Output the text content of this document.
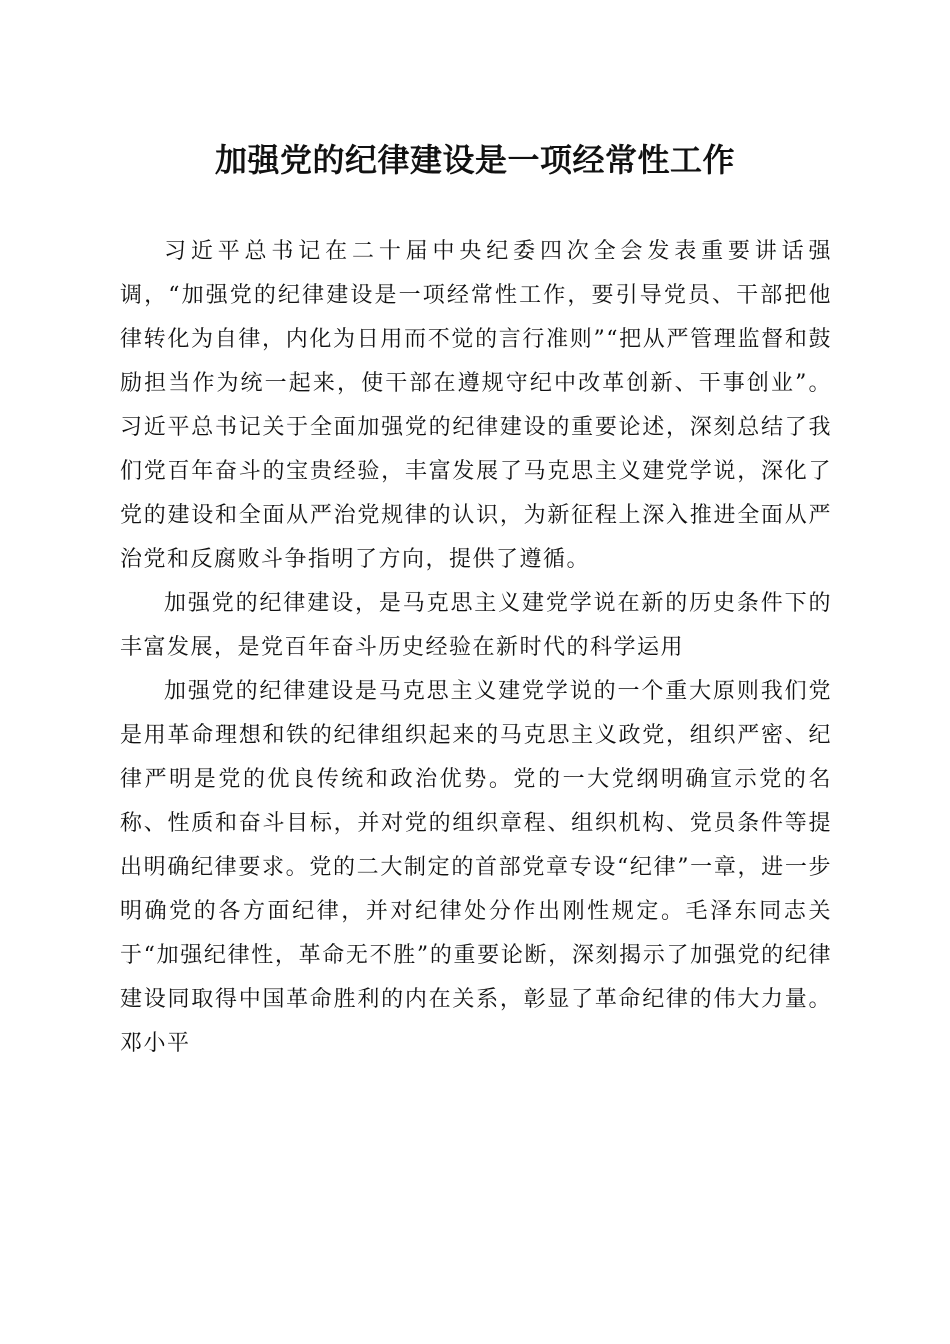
加强党的纪律建设是一项经常性工作

习近平总书记在二十届中央纪委四次全会发表重要讲话强调，“加强党的纪律建设是一项经常性工作，要引导党员、干部把他律转化为自律，内化为日用而不觉的言行准则”“把从严管理监督和鼓励担当作为统一起来，使干部在遵规守纪中改革创新、干事创业”。习近平总书记关于全面加强党的纪律建设的重要论述，深刻总结了我们党百年奋斗的宝贵经验，丰富发展了马克思主义建党学说，深化了党的建设和全面从严治党规律的认识，为新征程上深入推进全面从严治党和反腐败斗争指明了方向，提供了遵循。

加强党的纪律建设，是马克思主义建党学说在新的历史条件下的丰富发展，是党百年奋斗历史经验在新时代的科学运用

加强党的纪律建设是马克思主义建党学说的一个重大原则我们党是用革命理想和铁的纪律组织起来的马克思主义政党，组织严密、纪律严明是党的优良传统和政治优势。党的一大党纲明确宣示党的名称、性质和奋斗目标，并对党的组织章程、组织机构、党员条件等提出明确纪律要求。党的二大制定的首部党章专设“纪律”一章，进一步明确党的各方面纪律，并对纪律处分作出刚性规定。毛泽东同志关于“加强纪律性，革命无不胜”的重要论断，深刻揭示了加强党的纪律建设同取得中国革命胜利的内在关系，彰显了革命纪律的伟大力量。邓小平
